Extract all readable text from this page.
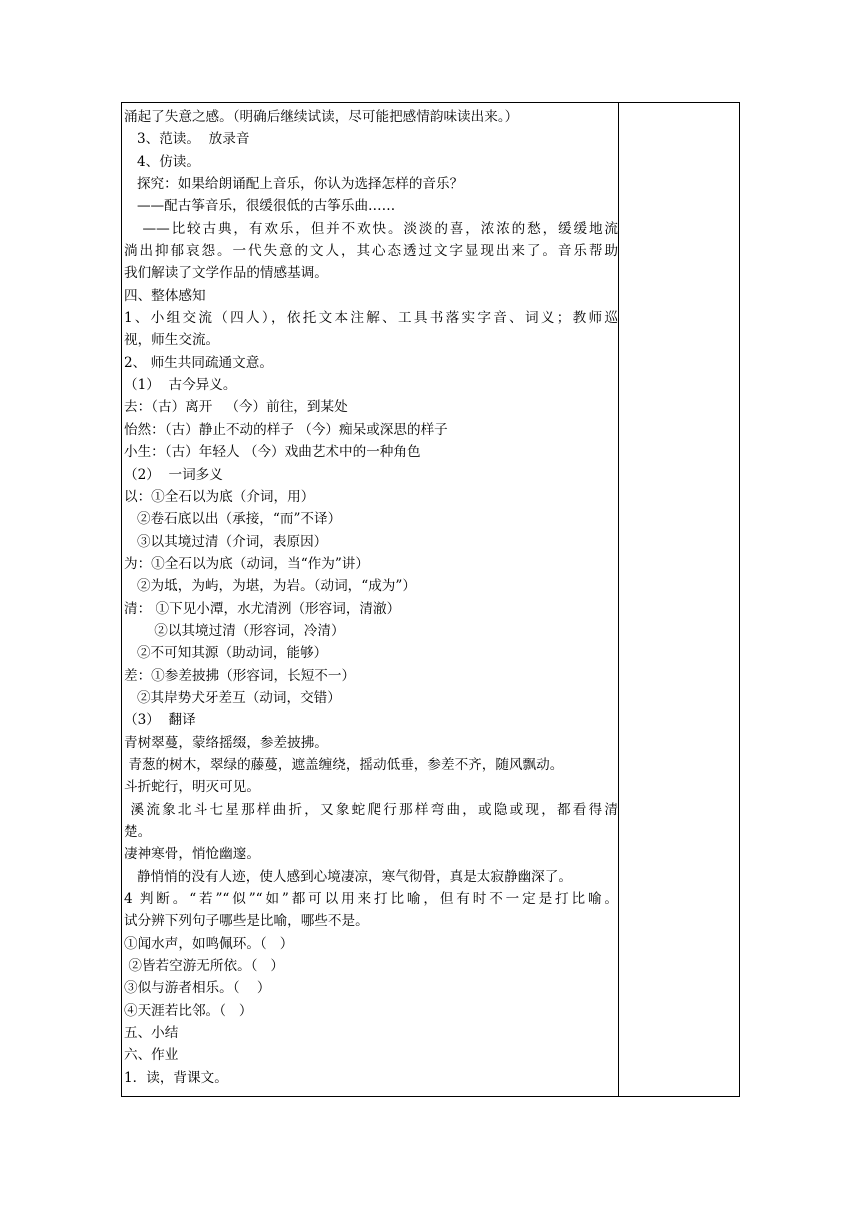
涌起了失意之感。（明确后继续试读，尽可能把感情韵味读出来。）
3、范读。  放录音
4、仿读。
探究：如果给朗诵配上音乐，你认为选择怎样的音乐？
——配古筝音乐，很缓很低的古筝乐曲……
——比较古典，有欢乐，但并不欢快。淡淡的喜，浓浓的愁，缓缓地流
淌出抑郁哀怨。一代失意的文人，其心态透过文字显现出来了。音乐帮助
我们解读了文学作品的情感基调。
四、整体感知
1、小组交流（四人），依托文本注解、工具书落实字音、词义；教师巡
视，师生交流。
2、 师生共同疏通文意。
（1）  古今异义。
去：（古）离开   （今）前往，到某处
怡然：（古）静止不动的样子 （今）痴呆或深思的样子
小生：（古）年轻人 （今）戏曲艺术中的一种角色
（2）  一词多义
以：①全石以为底（介词，用）
②卷石底以出（承接，“而”不译）
③以其境过清（介词，表原因）
为：①全石以为底（动词，当“作为”讲）
②为坻，为屿，为堪，为岩。（动词，“成为”）
清： ①下见小潭，水尤清洌（形容词，清澈）
②以其境过清（形容词，冷清）
②不可知其源（助动词，能够）
差：①参差披拂（形容词，长短不一）
②其岸势犬牙差互（动词，交错）
（3）  翻译
青树翠蔓，蒙络摇缀，参差披拂。
青葱的树木，翠绿的藤蔓，遮盖缠绕，摇动低垂，参差不齐，随风飘动。
斗折蛇行，明灭可见。
溪流象北斗七星那样曲折，又象蛇爬行那样弯曲，或隐或现，都看得清
楚。
凄神寒骨，悄怆幽邃。
静悄悄的没有人迹，使人感到心境凄凉，寒气彻骨，真是太寂静幽深了。
4 判断。“若”“似”“如”都可以用来打比喻，但有时不一定是打比喻。
试分辨下列句子哪些是比喻，哪些不是。
①闻水声，如鸣佩环。（   ）
②皆若空游无所依。（   ）
③似与游者相乐。（    ）
④天涯若比邻。（   ）
五、小结
六、作业
1．读，背课文。
